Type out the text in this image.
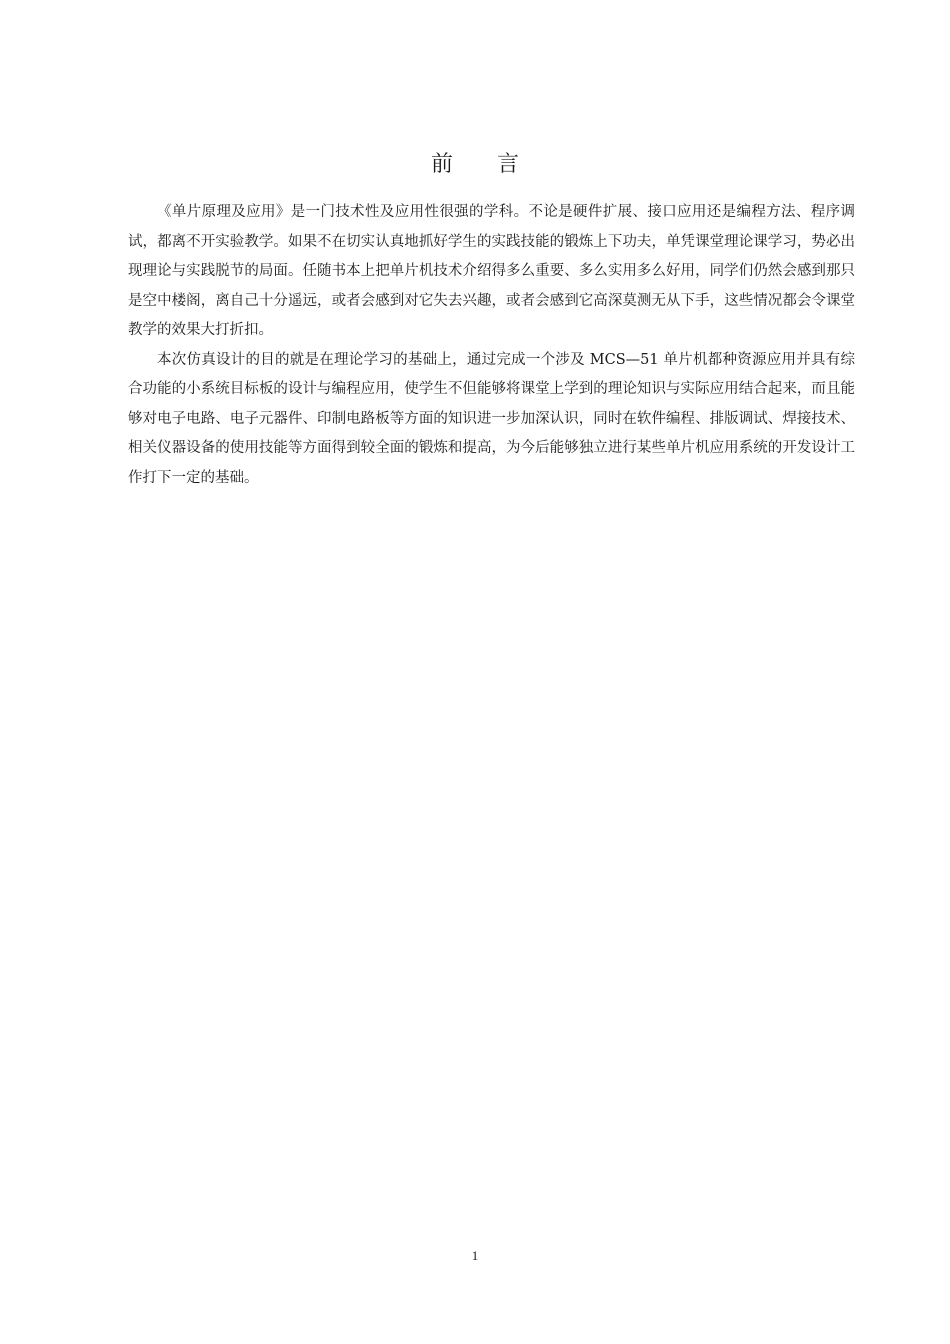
前言

《单片原理及应用》是一门技术性及应用性很强的学科。不论是硬件扩展、接口应用还是编程方法、程序调试，都离不开实验教学。如果不在切实认真地抓好学生的实践技能的锻炼上下功夫，单凭课堂理论课学习，势必出现理论与实践脱节的局面。任随书本上把单片机技术介绍得多么重要、多么实用多么好用，同学们仍然会感到那只是空中楼阁，离自己十分遥远，或者会感到对它失去兴趣，或者会感到它高深莫测无从下手，这些情况都会令课堂教学的效果大打折扣。

本次仿真设计的目的就是在理论学习的基础上，通过完成一个涉及 MCS—51 单片机都种资源应用并具有综合功能的小系统目标板的设计与编程应用，使学生不但能够将课堂上学到的理论知识与实际应用结合起来，而且能够对电子电路、电子元器件、印制电路板等方面的知识进一步加深认识，同时在软件编程、排版调试、焊接技术、相关仪器设备的使用技能等方面得到较全面的锻炼和提高，为今后能够独立进行某些单片机应用系统的开发设计工作打下一定的基础。

1
